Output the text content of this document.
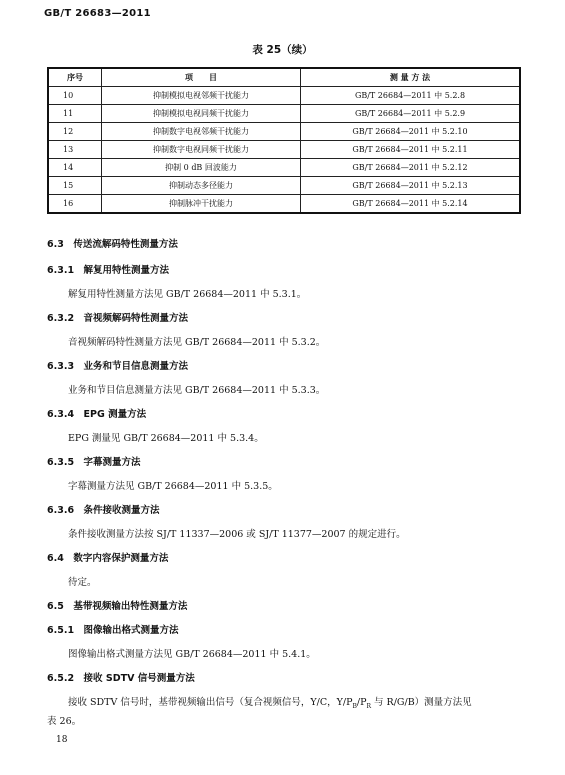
GB/T 26683—2011
表 25（续）
序号	项　　目	测 量 方 法
10	抑制模拟电视邻频干扰能力	GB/T 26684—2011 中 5.2.8
11	抑制模拟电视同频干扰能力	GB/T 26684—2011 中 5.2.9
12	抑制数字电视邻频干扰能力	GB/T 26684—2011 中 5.2.10
13	抑制数字电视同频干扰能力	GB/T 26684—2011 中 5.2.11
14	抑制 0 dB 回波能力	GB/T 26684—2011 中 5.2.12
15	抑制动态多径能力	GB/T 26684—2011 中 5.2.13
16	抑制脉冲干扰能力	GB/T 26684—2011 中 5.2.14
6.3　传送流解码特性测量方法
6.3.1　解复用特性测量方法
解复用特性测量方法见 GB/T 26684—2011 中 5.3.1。
6.3.2　音视频解码特性测量方法
音视频解码特性测量方法见 GB/T 26684—2011 中 5.3.2。
6.3.3　业务和节目信息测量方法
业务和节目信息测量方法见 GB/T 26684—2011 中 5.3.3。
6.3.4　EPG 测量方法
EPG 测量见 GB/T 26684—2011 中 5.3.4。
6.3.5　字幕测量方法
字幕测量方法见 GB/T 26684—2011 中 5.3.5。
6.3.6　条件接收测量方法
条件接收测量方法按 SJ/T 11337—2006 或 SJ/T 11377—2007 的规定进行。
6.4　数字内容保护测量方法
待定。
6.5　基带视频输出特性测量方法
6.5.1　图像输出格式测量方法
图像输出格式测量方法见 GB/T 26684—2011 中 5.4.1。
6.5.2　接收 SDTV 信号测量方法
接收 SDTV 信号时，基带视频输出信号（复合视频信号，Y/C，$Y/P_B/P_R$ 与 R/G/B）测量方法见
表 26。
18
